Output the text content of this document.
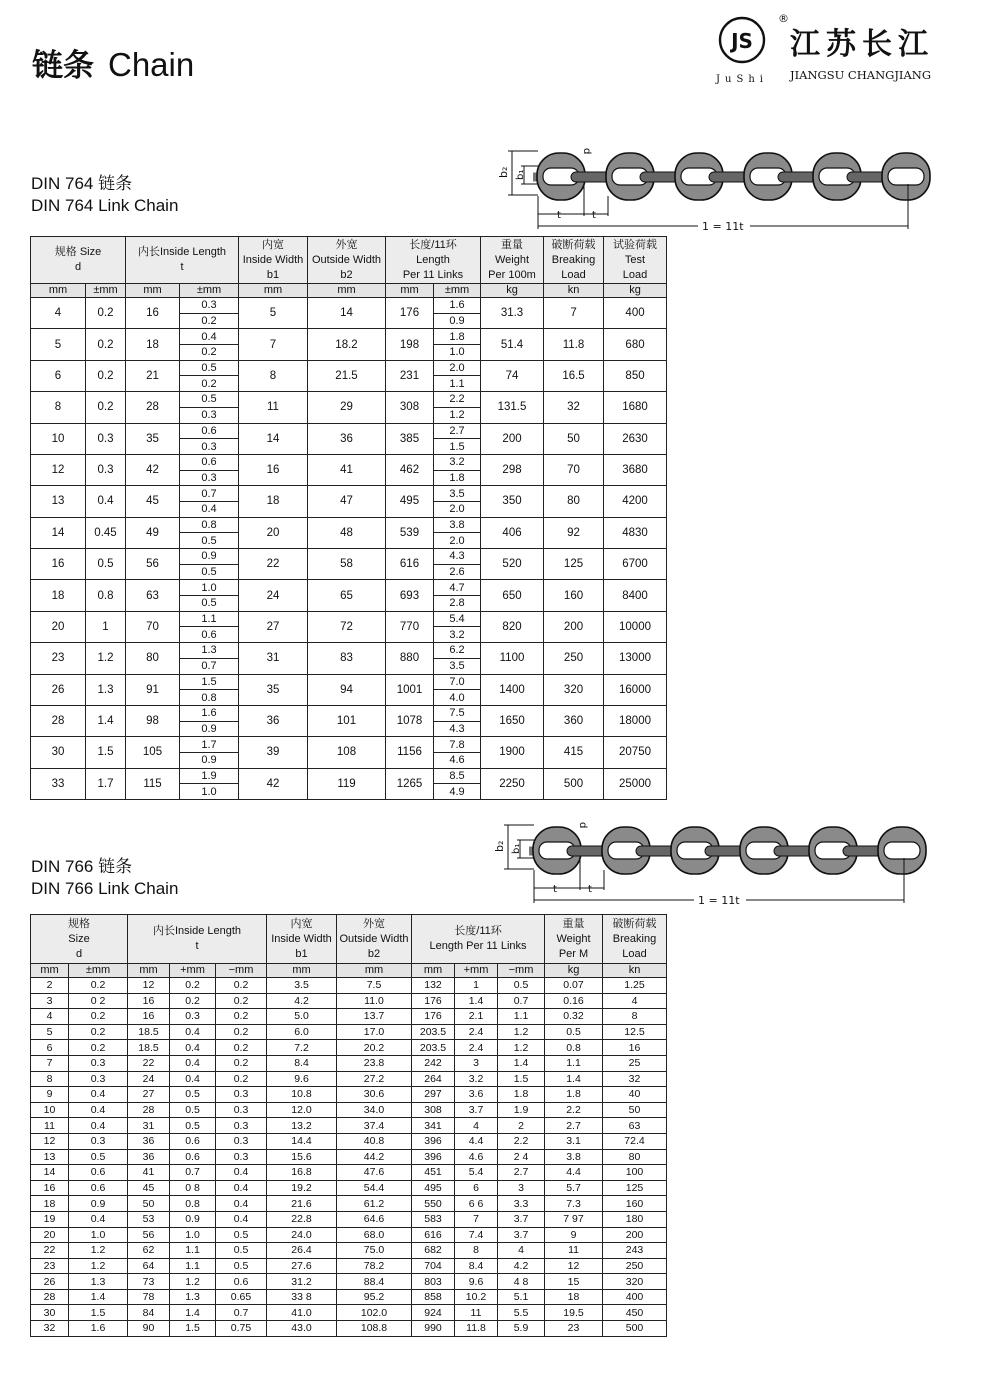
链条 Chain
JS
JuShi
®
江苏长江
JIANGSU CHANGJIANG
DIN 764 链条
DIN 764 Link Chain
b₂ b₁
d
t	t
1 = 11t
规格 Size
d		内长Inside Length
t		内宽
Inside Width
b1	外宽
Outside Width
b2	长度/11环
Length
Per 11 Links		重量
Weight
Per 100m	破断荷载
Breaking
Load	试验荷载
Test
Load
mm	±mm	mm	±mm	mm	mm	mm	±mm	kg	kn	kg
4	0.2	16	0.3	5	14	176	1.6	31.3	7	400
			0.2				0.9			
5	0.2	18	0.4	7	18.2	198	1.8	51.4	11.8	680
			0.2				1.0			
6	0.2	21	0.5	8	21.5	231	2.0	74	16.5	850
			0.2				1.1			
8	0.2	28	0.5	11	29	308	2.2	131.5	32	1680
			0.3				1.2			
10	0.3	35	0.6	14	36	385	2.7	200	50	2630
			0.3				1.5			
12	0.3	42	0.6	16	41	462	3.2	298	70	3680
			0.3				1.8			
13	0.4	45	0.7	18	47	495	3.5	350	80	4200
			0.4				2.0			
14	0.45	49	0.8	20	48	539	3.8	406	92	4830
			0.5				2.0			
16	0.5	56	0.9	22	58	616	4.3	520	125	6700
			0.5				2.6			
18	0.8	63	1.0	24	65	693	4.7	650	160	8400
			0.5				2.8			
20	1	70	1.1	27	72	770	5.4	820	200	10000
			0.6				3.2			
23	1.2	80	1.3	31	83	880	6.2	1100	250	13000
			0.7				3.5			
26	1.3	91	1.5	35	94	1001	7.0	1400	320	16000
			0.8				4.0			
28	1.4	98	1.6	36	101	1078	7.5	1650	360	18000
			0.9				4.3			
30	1.5	105	1.7	39	108	1156	7.8	1900	415	20750
			0.9				4.6			
33	1.7	115	1.9	42	119	1265	8.5	2250	500	25000
			1.0				4.9			
DIN 766 链条
DIN 766 Link Chain
b₂ b₁
d
t	t
1 = 11t
规格
Size
d		内长Inside Length
t			内宽
Inside Width
b1	外宽
Outside Width
b2	长度/11环
Length Per 11 Links			重量
Weight
Per M	破断荷载
Breaking
Load
mm	±mm	mm	+mm	−mm	mm	mm	mm	+mm	−mm	kg	kn
2	0.2	12	0.2	0.2	3.5	7.5	132	1	0.5	0.07	1.25
3	0 2	16	0.2	0.2	4.2	11.0	176	1.4	0.7	0.16	4
4	0.2	16	0.3	0.2	5.0	13.7	176	2.1	1.1	0.32	8
5	0.2	18.5	0.4	0.2	6.0	17.0	203.5	2.4	1.2	0.5	12.5
6	0.2	18.5	0.4	0.2	7.2	20.2	203.5	2.4	1.2	0.8	16
7	0.3	22	0.4	0.2	8.4	23.8	242	3	1.4	1.1	25
8	0.3	24	0.4	0.2	9.6	27.2	264	3.2	1.5	1.4	32
9	0.4	27	0.5	0.3	10.8	30.6	297	3.6	1.8	1.8	40
10	0.4	28	0.5	0.3	12.0	34.0	308	3.7	1.9	2.2	50
11	0.4	31	0.5	0.3	13.2	37.4	341	4	2	2.7	63
12	0.3	36	0.6	0.3	14.4	40.8	396	4.4	2.2	3.1	72.4
13	0.5	36	0.6	0.3	15.6	44.2	396	4.6	2 4	3.8	80
14	0.6	41	0.7	0.4	16.8	47.6	451	5.4	2.7	4.4	100
16	0.6	45	0 8	0.4	19.2	54.4	495	6	3	5.7	125
18	0.9	50	0.8	0.4	21.6	61.2	550	6 6	3.3	7.3	160
19	0.4	53	0.9	0.4	22.8	64.6	583	7	3.7	7 97	180
20	1.0	56	1.0	0.5	24.0	68.0	616	7.4	3.7	9	200
22	1.2	62	1.1	0.5	26.4	75.0	682	8	4	11	243
23	1.2	64	1.1	0.5	27.6	78.2	704	8.4	4.2	12	250
26	1.3	73	1.2	0.6	31.2	88.4	803	9.6	4 8	15	320
28	1.4	78	1.3	0.65	33 8	95.2	858	10.2	5.1	18	400
30	1.5	84	1.4	0.7	41.0	102.0	924	11	5.5	19.5	450
32	1.6	90	1.5	0.75	43.0	108.8	990	11.8	5.9	23	500
